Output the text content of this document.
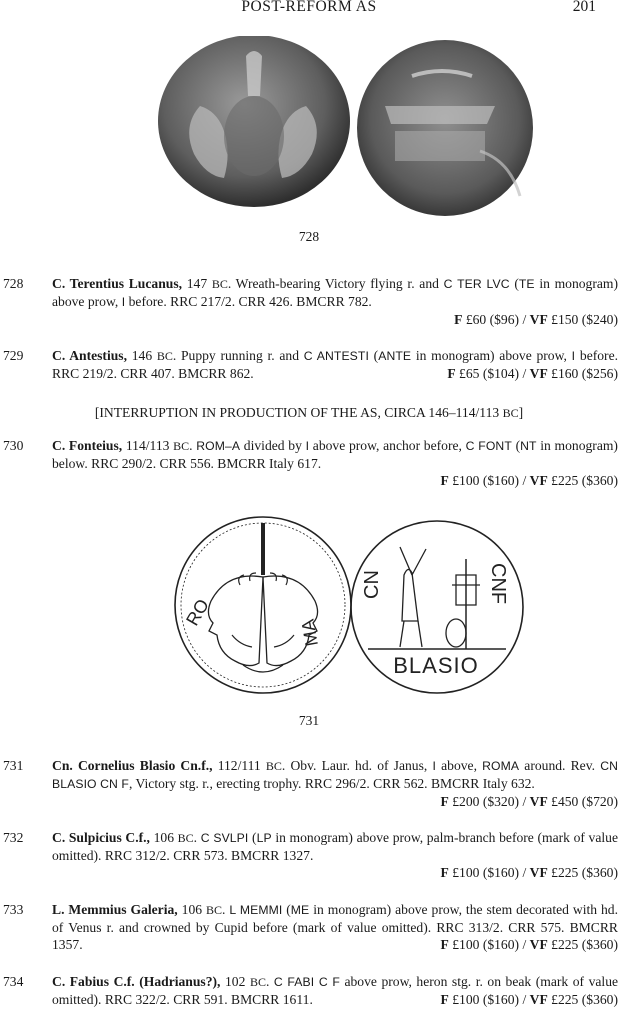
POST-REFORM AS	201
728
728 C. Terentius Lucanus, 147 BC. Wreath-bearing Victory flying r. and C TER LVC (TE in monogram) above prow, I before. RRC 217/2. CRR 426. BMCRR 782.
F £60 ($96) / VF £150 ($240)
729 C. Antestius, 146 BC. Puppy running r. and C ANTESTI (ANTE in monogram) above prow, I before. RRC 219/2. CRR 407. BMCRR 862.	F £65 ($104) / VF £160 ($256)
[INTERRUPTION IN PRODUCTION OF THE AS, CIRCA 146–114/113 BC]
730 C. Fonteius, 114/113 BC. ROM–A divided by I above prow, anchor before, C FONT (NT in monogram) below. RRC 290/2. CRR 556. BMCRR Italy 617.
F £100 ($160) / VF £225 ($360)
RO
MA
CN	CNF
BLASIO
731
731 Cn. Cornelius Blasio Cn.f., 112/111 BC. Obv. Laur. hd. of Janus, I above, ROMA around. Rev. CN BLASIO CN F, Victory stg. r., erecting trophy. RRC 296/2. CRR 562. BMCRR Italy 632.
F £200 ($320) / VF £450 ($720)
732 C. Sulpicius C.f., 106 BC. C SVLPI (LP in monogram) above prow, palm-branch before (mark of value omitted). RRC 312/2. CRR 573. BMCRR 1327.
F £100 ($160) / VF £225 ($360)
733 L. Memmius Galeria, 106 BC. L MEMMI (ME in monogram) above prow, the stem decorated with hd. of Venus r. and crowned by Cupid before (mark of value omitted). RRC 313/2. CRR 575. BMCRR 1357.	F £100 ($160) / VF £225 ($360)
734 C. Fabius C.f. (Hadrianus?), 102 BC. C FABI C F above prow, heron stg. r. on beak (mark of value omitted). RRC 322/2. CRR 591. BMCRR 1611.	F £100 ($160) / VF £225 ($360)
